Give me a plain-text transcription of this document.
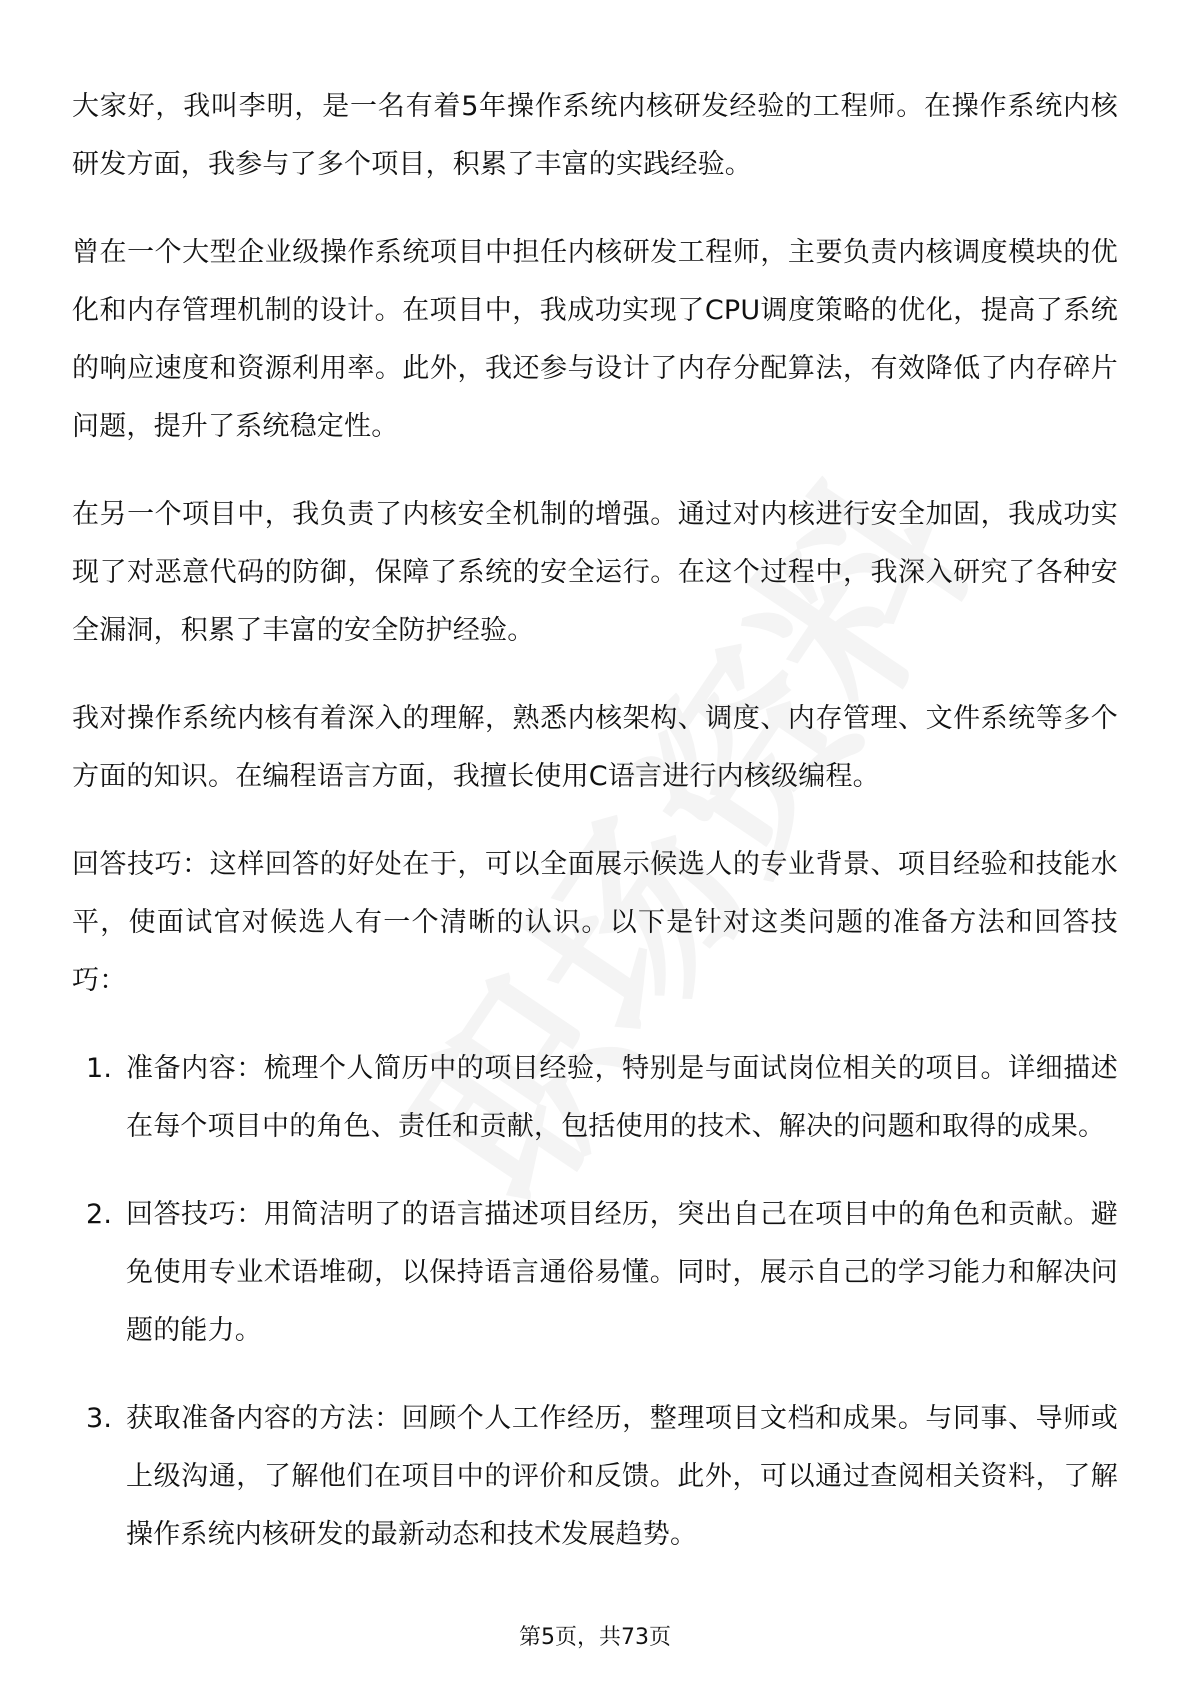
大家好，我叫李明，是一名有着5年操作系统内核研发经验的工程师。在操作系统内核研发方面，我参与了多个项目，积累了丰富的实践经验。

曾在一个大型企业级操作系统项目中担任内核研发工程师，主要负责内核调度模块的优化和内存管理机制的设计。在项目中，我成功实现了CPU调度策略的优化，提高了系统的响应速度和资源利用率。此外，我还参与设计了内存分配算法，有效降低了内存碎片问题，提升了系统稳定性。

在另一个项目中，我负责了内核安全机制的增强。通过对内核进行安全加固，我成功实现了对恶意代码的防御，保障了系统的安全运行。在这个过程中，我深入研究了各种安全漏洞，积累了丰富的安全防护经验。

我对操作系统内核有着深入的理解，熟悉内核架构、调度、内存管理、文件系统等多个方面的知识。在编程语言方面，我擅长使用C语言进行内核级编程。

回答技巧：这样回答的好处在于，可以全面展示候选人的专业背景、项目经验和技能水平，使面试官对候选人有一个清晰的认识。以下是针对这类问题的准备方法和回答技巧：

1. 准备内容：梳理个人简历中的项目经验，特别是与面试岗位相关的项目。详细描述在每个项目中的角色、责任和贡献，包括使用的技术、解决的问题和取得的成果。
2. 回答技巧：用简洁明了的语言描述项目经历，突出自己在项目中的角色和贡献。避免使用专业术语堆砌，以保持语言通俗易懂。同时，展示自己的学习能力和解决问题的能力。
3. 获取准备内容的方法：回顾个人工作经历，整理项目文档和成果。与同事、导师或上级沟通，了解他们在项目中的评价和反馈。此外，可以通过查阅相关资料，了解操作系统内核研发的最新动态和技术发展趋势。
第5页，共73页
